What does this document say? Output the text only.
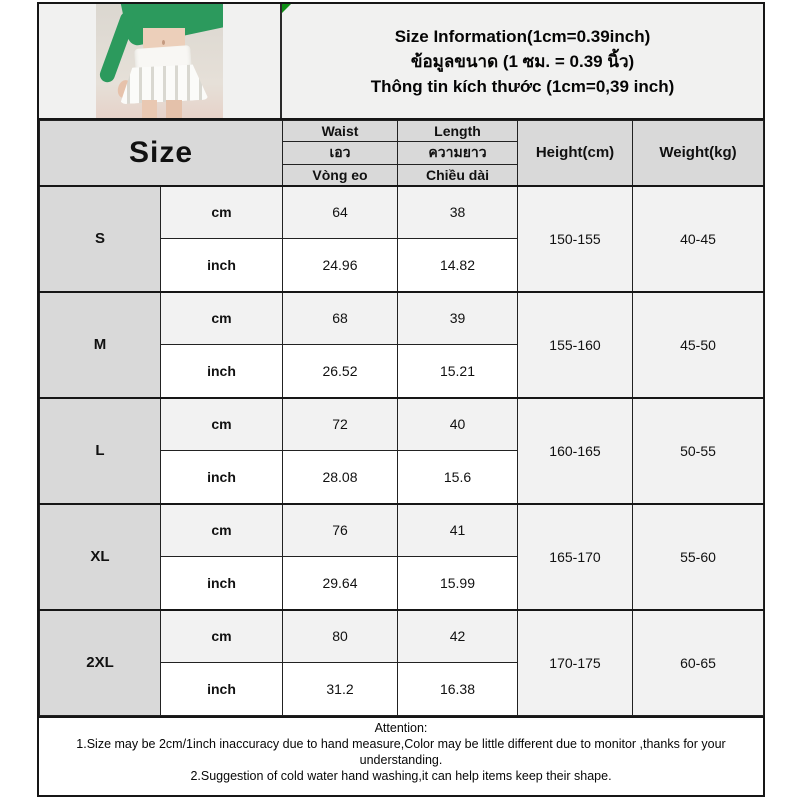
Size Information(1cm=0.39inch)
ข้อมูลขนาด (1 ซม. = 0.39 นิ้ว)
Thông tin kích thước (1cm=0,39 inch)
Size		Waist	Length	Height(cm)	Weight(kg)
		เอว	ความยาว		
		Vòng eo	Chiều dài		
S	cm	64	38	150-155	40-45
	inch	24.96	14.82		
M	cm	68	39	155-160	45-50
	inch	26.52	15.21		
L	cm	72	40	160-165	50-55
	inch	28.08	15.6		
XL	cm	76	41	165-170	55-60
	inch	29.64	15.99		
2XL	cm	80	42	170-175	60-65
	inch	31.2	16.38		
Attention:
1.Size may be 2cm/1inch inaccuracy due to hand measure,Color may be little different due to monitor ,thanks for your understanding.
2.Suggestion of cold water hand washing,it can help items keep their shape.
